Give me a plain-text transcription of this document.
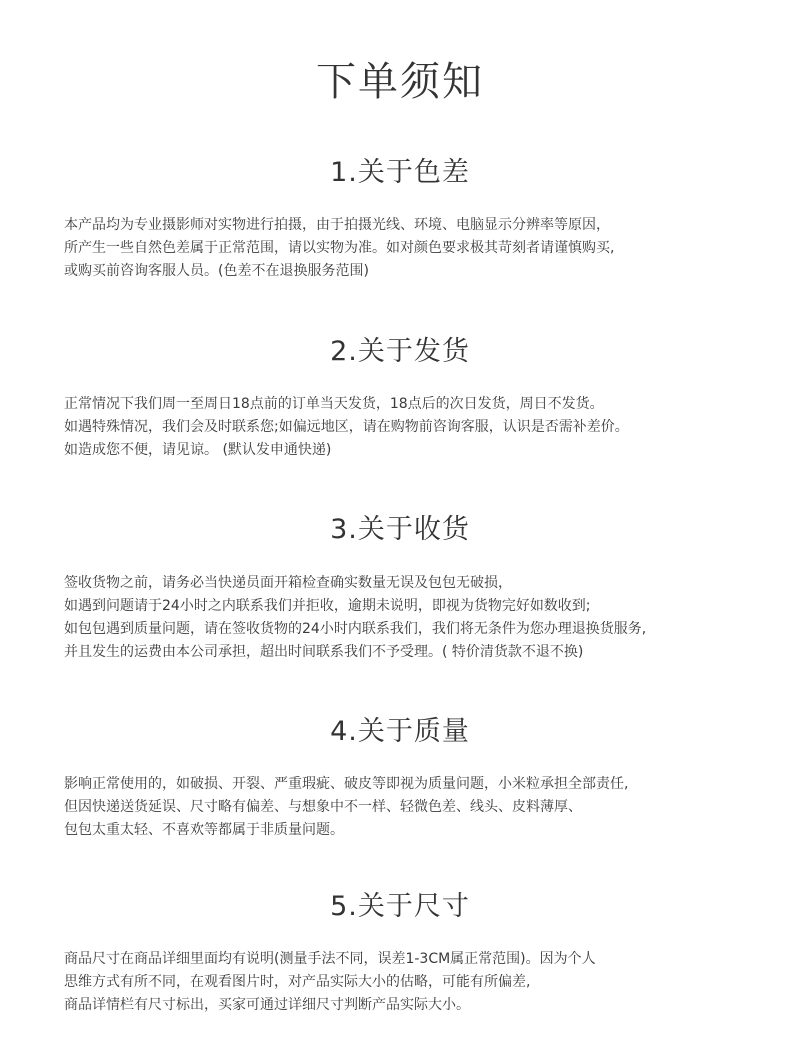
下单须知
1.关于色差
本产品均为专业摄影师对实物进行拍摄，由于拍摄光线、环境、电脑显示分辨率等原因，
所产生一些自然色差属于正常范围，请以实物为准。如对颜色要求极其苛刻者请谨慎购买,
或购买前咨询客服人员。(色差不在退换服务范围)
2.关于发货
正常情况下我们周一至周日18点前的订单当天发货，18点后的次日发货，周日不发货。
如遇特殊情况，我们会及时联系您;如偏远地区，请在购物前咨询客服，认识是否需补差价。
如造成您不便，请见谅。 (默认发申通快递)
3.关于收货
签收货物之前，请务必当快递员面开箱检查确实数量无误及包包无破损，
如遇到问题请于24小时之内联系我们并拒收，逾期未说明，即视为货物完好如数收到;
如包包遇到质量问题，请在签收货物的24小时内联系我们，我们将无条件为您办理退换货服务,
并且发生的运费由本公司承担，超出时间联系我们不予受理。( 特价清货款不退不换)
4.关于质量
影响正常使用的，如破损、开裂、严重瑕疵、破皮等即视为质量问题，小米粒承担全部责任,
但因快递送货延误、尺寸略有偏差、与想象中不一样、轻微色差、线头、皮料薄厚、
包包太重太轻、不喜欢等都属于非质量问题。
5.关于尺寸
商品尺寸在商品详细里面均有说明(测量手法不同，误差1-3CM属正常范围)。因为个人
思维方式有所不同，在观看图片时，对产品实际大小的估略，可能有所偏差,
商品详情栏有尺寸标出，买家可通过详细尺寸判断产品实际大小。
